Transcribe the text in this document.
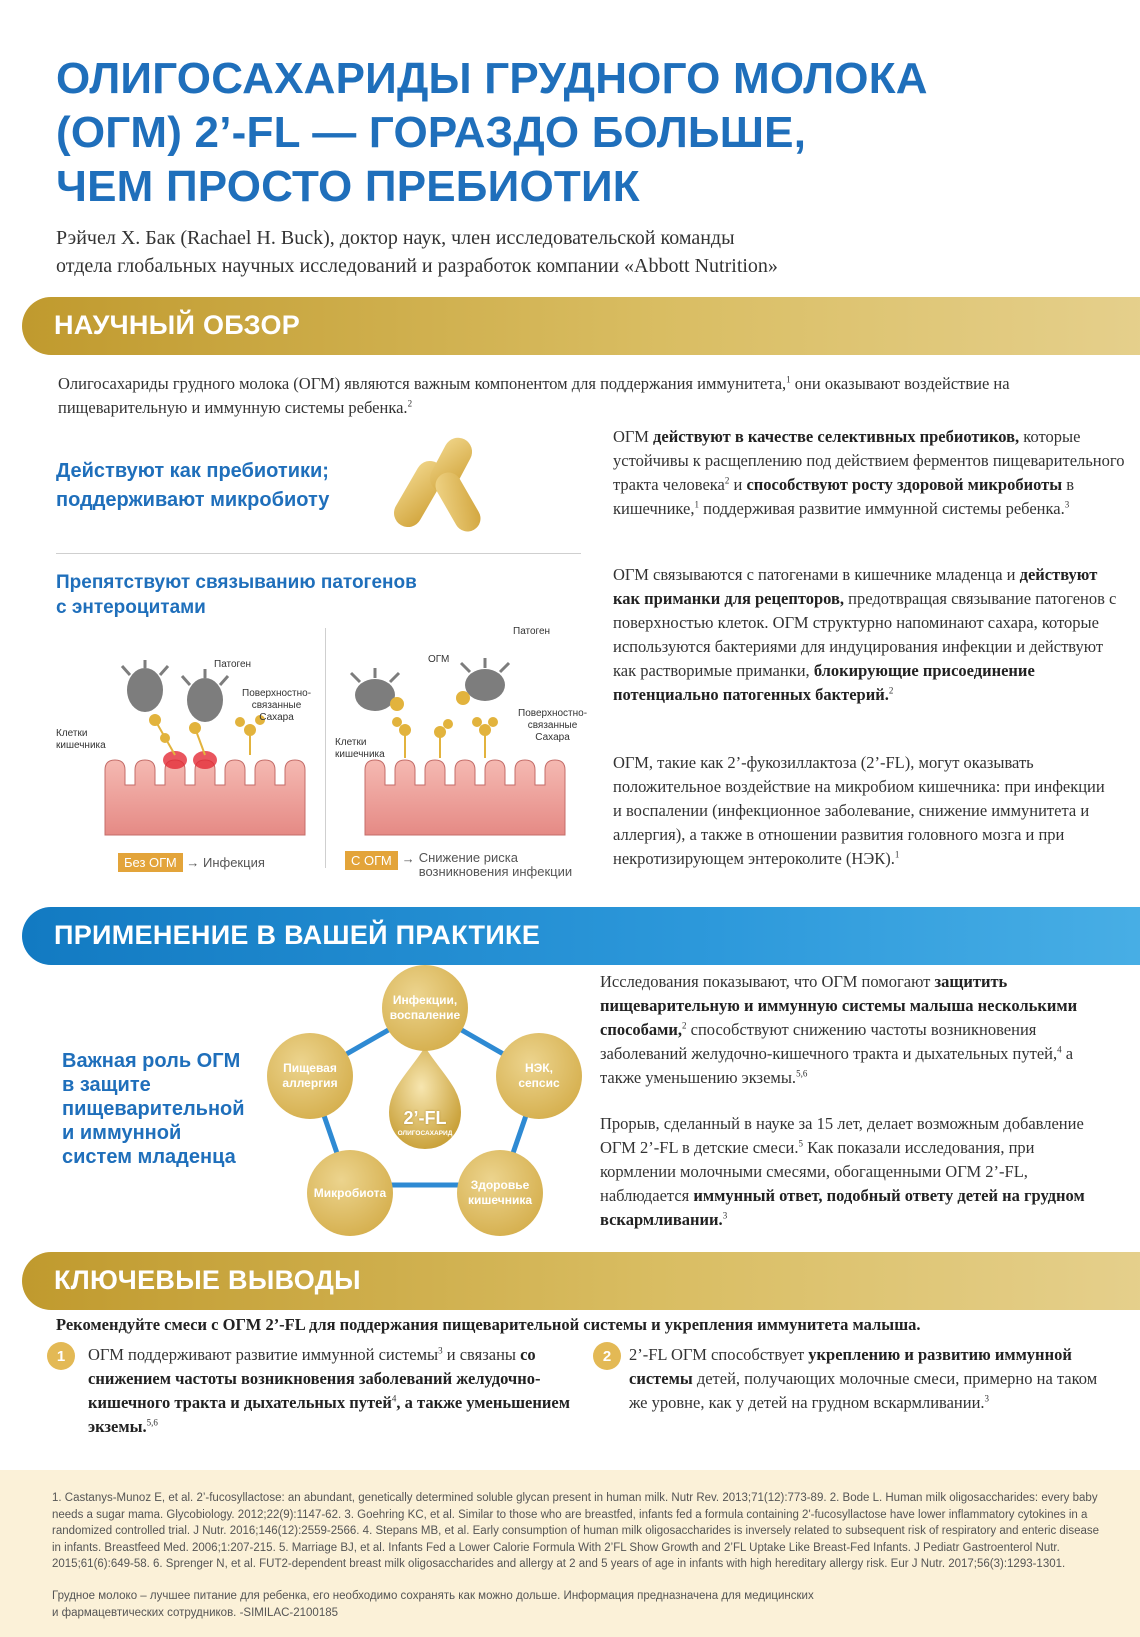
ОЛИГОСАХАРИДЫ ГРУДНОГО МОЛОКА
(ОГМ) 2’-FL — ГОРАЗДО БОЛЬШЕ,
ЧЕМ ПРОСТО ПРЕБИОТИК
Рэйчел Х. Бак (Rachael H. Buck), доктор наук, член исследовательской команды
отдела глобальных научных исследований и разработок компании «Abbott Nutrition»
НАУЧНЫЙ ОБЗОР
Олигосахариды грудного молока (ОГМ) являются важным компонентом для поддержания иммунитета,$^1$ они оказывают воздействие на пищеварительную и иммунную системы ребенка.$^2$
Действуют как пребиотики;
поддерживают микробиоту
Препятствуют связыванию патогенов
с энтероцитами
Патоген
Поверхностно-
связанные
Сахара
Клетки
кишечника
Без ОГМ → Инфекция
ОГМ
Патоген
Поверхностно-
связанные
Сахара
Клетки
кишечника
С ОГМ → Снижение риска
возникновения инфекции
ОГМ действуют в качестве селективных пребиотиков, которые устойчивы к расщеплению под действием ферментов пищеварительного тракта человека$^2$ и способствуют росту здоровой микробиоты в кишечнике,$^1$ поддерживая развитие иммунной системы ребенка.$^3$
ОГМ связываются с патогенами в кишечнике младенца и действуют как приманки для рецепторов, предотвращая связывание патогенов с поверхностью клеток. ОГМ структурно напоминают сахара, которые используются бактериями для индуцирования инфекции и действуют как растворимые приманки, блокирующие присоединение потенциально патогенных бактерий.$^2$
ОГМ, такие как 2’-фукозиллактоза (2’-FL), могут оказывать положительное воздействие на микробиом кишечника: при инфекции и воспалении (инфекционное заболевание, снижение иммунитета и аллергия), а также в отношении развития головного мозга и при некротизирующем энтероколите (НЭК).$^1$
ПРИМЕНЕНИЕ В ВАШЕЙ ПРАКТИКЕ
Важная роль ОГМ
в защите
пищеварительной
и иммунной
систем младенца
2’-FL
ОЛИГОСАХАРИД
Инфекции,
воспаление
НЭК,
сепсис
Здоровье
кишечника
Микробиота
Пищевая
аллергия
Исследования показывают, что ОГМ помогают защитить пищеварительную и иммунную системы малыша несколькими способами,$^2$ способствуют снижению частоты возникновения заболеваний желудочно-кишечного тракта и дыхательных путей,$^4$ а также уменьшению экземы.$^{5,6}$
Прорыв, сделанный в науке за 15 лет, делает возможным добавление ОГМ 2’-FL в детские смеси.$^5$ Как показали исследования, при кормлении молочными смесями, обогащенными ОГМ 2’-FL, наблюдается иммунный ответ, подобный ответу детей на грудном вскармливании.$^3$
КЛЮЧЕВЫЕ ВЫВОДЫ
Рекомендуйте смеси с ОГМ 2’-FL для поддержания пищеварительной системы и укрепления иммунитета малыша.
1	ОГМ поддерживают развитие иммунной системы$^3$ и связаны со снижением частоты возникновения заболеваний желудочно-кишечного тракта и дыхательных путей$^4$, а также уменьшением экземы.$^{5,6}$
2	2’-FL ОГМ способствует укреплению и развитию иммунной системы детей, получающих молочные смеси, примерно на таком же уровне, как у детей на грудном вскармливании.$^3$

1. Castanys-Munoz E, et al. 2’-fucosyllactose: an abundant, genetically determined soluble glycan present in human milk. Nutr Rev. 2013;71(12):773-89. 2. Bode L. Human milk oligosaccharides: every baby needs a sugar mama. Glycobiology. 2012;22(9):1147-62. 3. Goehring KC, et al. Similar to those who are breastfed, infants fed a formula containing 2'-fucosyllactose have lower inflammatory cytokines in a randomized controlled trial. J Nutr. 2016;146(12):2559-2566. 4. Stepans MB, et al. Early consumption of human milk oligosaccharides is inversely related to subsequent risk of respiratory and enteric disease in infants. Breastfeed Med. 2006;1:207-215. 5. Marriage BJ, et al. Infants Fed a Lower Calorie Formula With 2’FL Show Growth and 2’FL Uptake Like Breast-Fed Infants. J Pediatr Gastroenterol Nutr. 2015;61(6):649-58. 6. Sprenger N, et al. FUT2-dependent breast milk oligosaccharides and allergy at 2 and 5 years of age in infants with high hereditary allergy risk. Eur J Nutr. 2017;56(3):1293-1301.

Грудное молоко – лучшее питание для ребенка, его необходимо сохранять как можно дольше. Информация предназначена для медицинских
и фармацевтических сотрудников. -SIMILAC-2100185
